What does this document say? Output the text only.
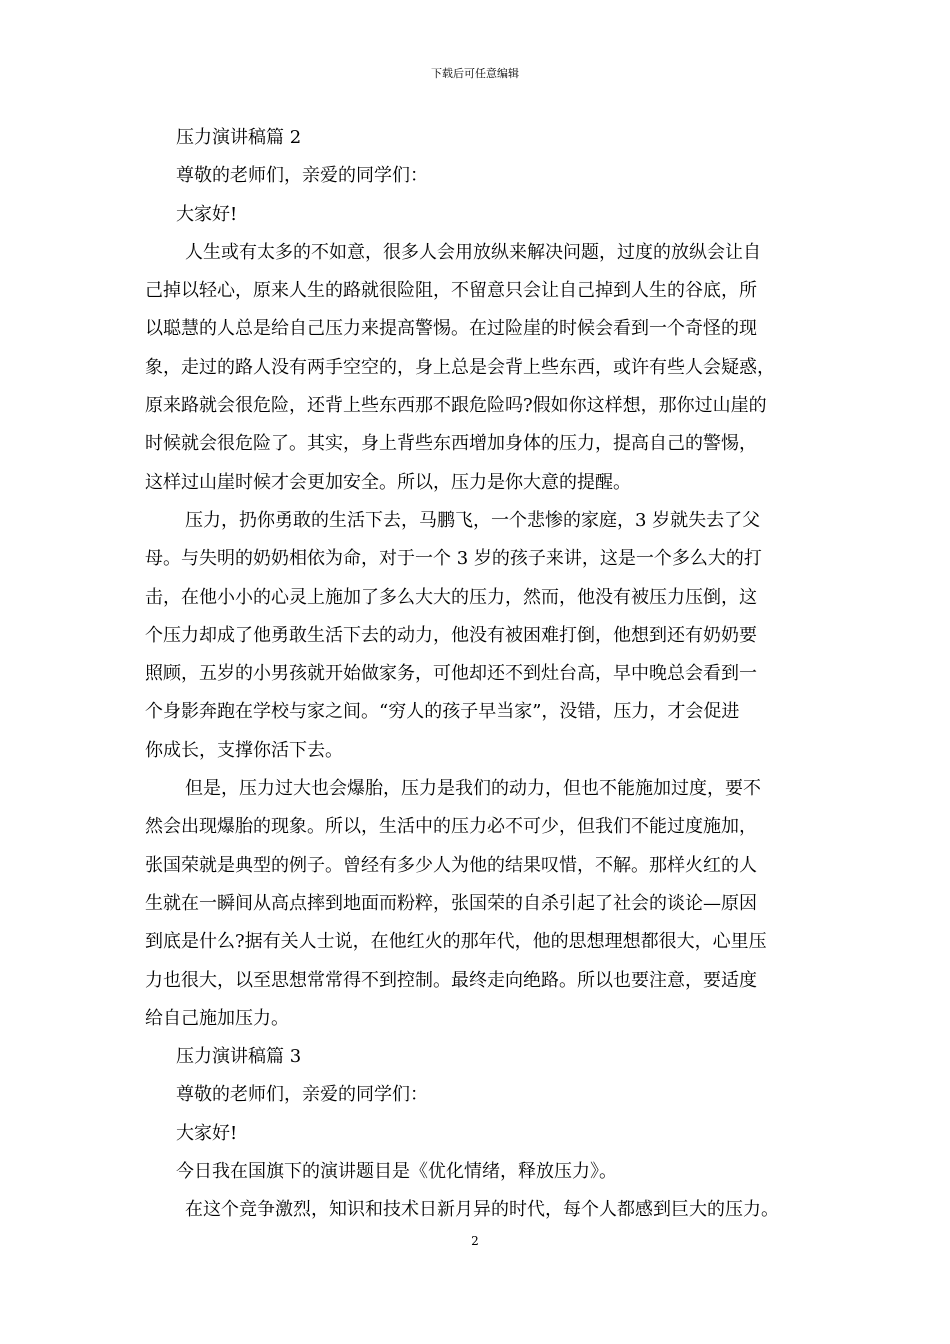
下载后可任意编辑
压力演讲稿篇 2
尊敬的老师们，亲爱的同学们：
大家好!
人生或有太多的不如意，很多人会用放纵来解决问题，过度的放纵会让自
己掉以轻心，原来人生的路就很险阻，不留意只会让自己掉到人生的谷底，所
以聪慧的人总是给自己压力来提高警惕。在过险崖的时候会看到一个奇怪的现
象，走过的路人没有两手空空的，身上总是会背上些东西，或许有些人会疑惑，
原来路就会很危险，还背上些东西那不跟危险吗?假如你这样想，那你过山崖的
时候就会很危险了。其实，身上背些东西增加身体的压力，提高自己的警惕，
这样过山崖时候才会更加安全。所以，压力是你大意的提醒。
压力，扔你勇敢的生活下去，马鹏飞，一个悲惨的家庭，3 岁就失去了父
母。与失明的奶奶相依为命，对于一个 3 岁的孩子来讲，这是一个多么大的打
击，在他小小的心灵上施加了多么大大的压力，然而，他没有被压力压倒，这
个压力却成了他勇敢生活下去的动力，他没有被困难打倒，他想到还有奶奶要
照顾，五岁的小男孩就开始做家务，可他却还不到灶台高，早中晚总会看到一
个身影奔跑在学校与家之间。“穷人的孩子早当家”，没错，压力，才会促进
你成长，支撑你活下去。
但是，压力过大也会爆胎，压力是我们的动力，但也不能施加过度，要不
然会出现爆胎的现象。所以，生活中的压力必不可少，但我们不能过度施加，
张国荣就是典型的例子。曾经有多少人为他的结果叹惜，不解。那样火红的人
生就在一瞬间从高点摔到地面而粉粹，张国荣的自杀引起了社会的谈论—原因
到底是什么?据有关人士说，在他红火的那年代，他的思想理想都很大，心里压
力也很大，以至思想常常得不到控制。最终走向绝路。所以也要注意，要适度
给自己施加压力。
压力演讲稿篇 3
尊敬的老师们，亲爱的同学们：
大家好!
今日我在国旗下的演讲题目是《优化情绪，释放压力》。
在这个竞争激烈，知识和技术日新月异的时代，每个人都感到巨大的压力。
2
